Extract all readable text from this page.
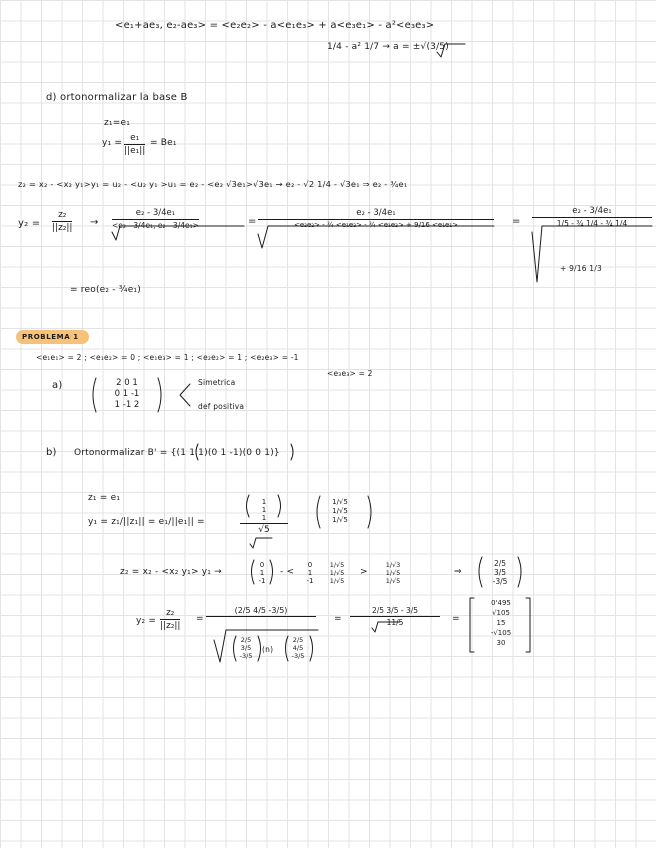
<e₁+ae₃, e₂-ae₃> = <e₂e₂> - a<e₁e₃> + a<e₃e₁> - a²<e₃e₃>
1/4 - a² 1/7 → a = ±√(3/5)
d) ortonormalizar la base B
z₁=e₁
$y_1 = \frac{\text{e₁}}{\text{||e₁||}} = Be_1$
z₂ = x₂ - <x₂ y₁>y₁ = u₂ - <u₂ y₁ >u₁ = e₂ - <e₂ √3e₁>√3e₁ → e₂ - √2 1/4 - √3e₁ ⇒ e₂ - ¾e₁
$y_2 = \frac{\text{z₂}}{\text{||z₂||}} \to \frac{\text{e₂ - 3/4e₁}}{\text{<e₂ - 3/4e₁, e₂ - 3/4e₁>}}$	=
e₂ - 3/4e₁
<e₂e₂> - ¾ <e₁e₂> - ¾ <e₁e₂> + 9/16 <e₁e₁>	= $\frac{\text{e₂ - 3/4e₁}}{\text{1/5 - ¾ 1/4 - ¾ 1/4}}$
+ 9/16 1/3
= reo(e₂ - ¾e₁)
PROBLEMA 1
<e₁e₁> = 2 ; <e₁e₂> = 0 ; <e₁e₃> = 1 ; <e₂e₂> = 1 ; <e₂e₃> = -1
<e₃e₃> = 2
a)	2 0 1
0 1 -1
1 -1 2
Simetrica
def positiva
b) Ortonormalizar B' = {(1 1 1)(0 1 -1)(0 0 1)}
z₁ = e₁
y₁ = z₁/||z₁|| = e₁/||e₁|| =
1
1
1
√5
1/√5
1/√5
1/√5
z₂ = x₂ - <x₂ y₁> y₁ →
0
1
-1
- <
0
1
-1
1/√5
1/√5
1/√5
>
1/√3
1/√5
1/√5
⇒
2/5
3/5
-3/5
$y_2 = \frac{\text{z₂}}{\text{||z₂||}}$ =
(2/5 4/5 -3/5)
2/5
3/5
-3/5
(n)
2/5
4/5
-3/5
= $\frac{2/5 3/5 - 3/5}{11/5}$ =
0'495
√105
15
-√105
30
